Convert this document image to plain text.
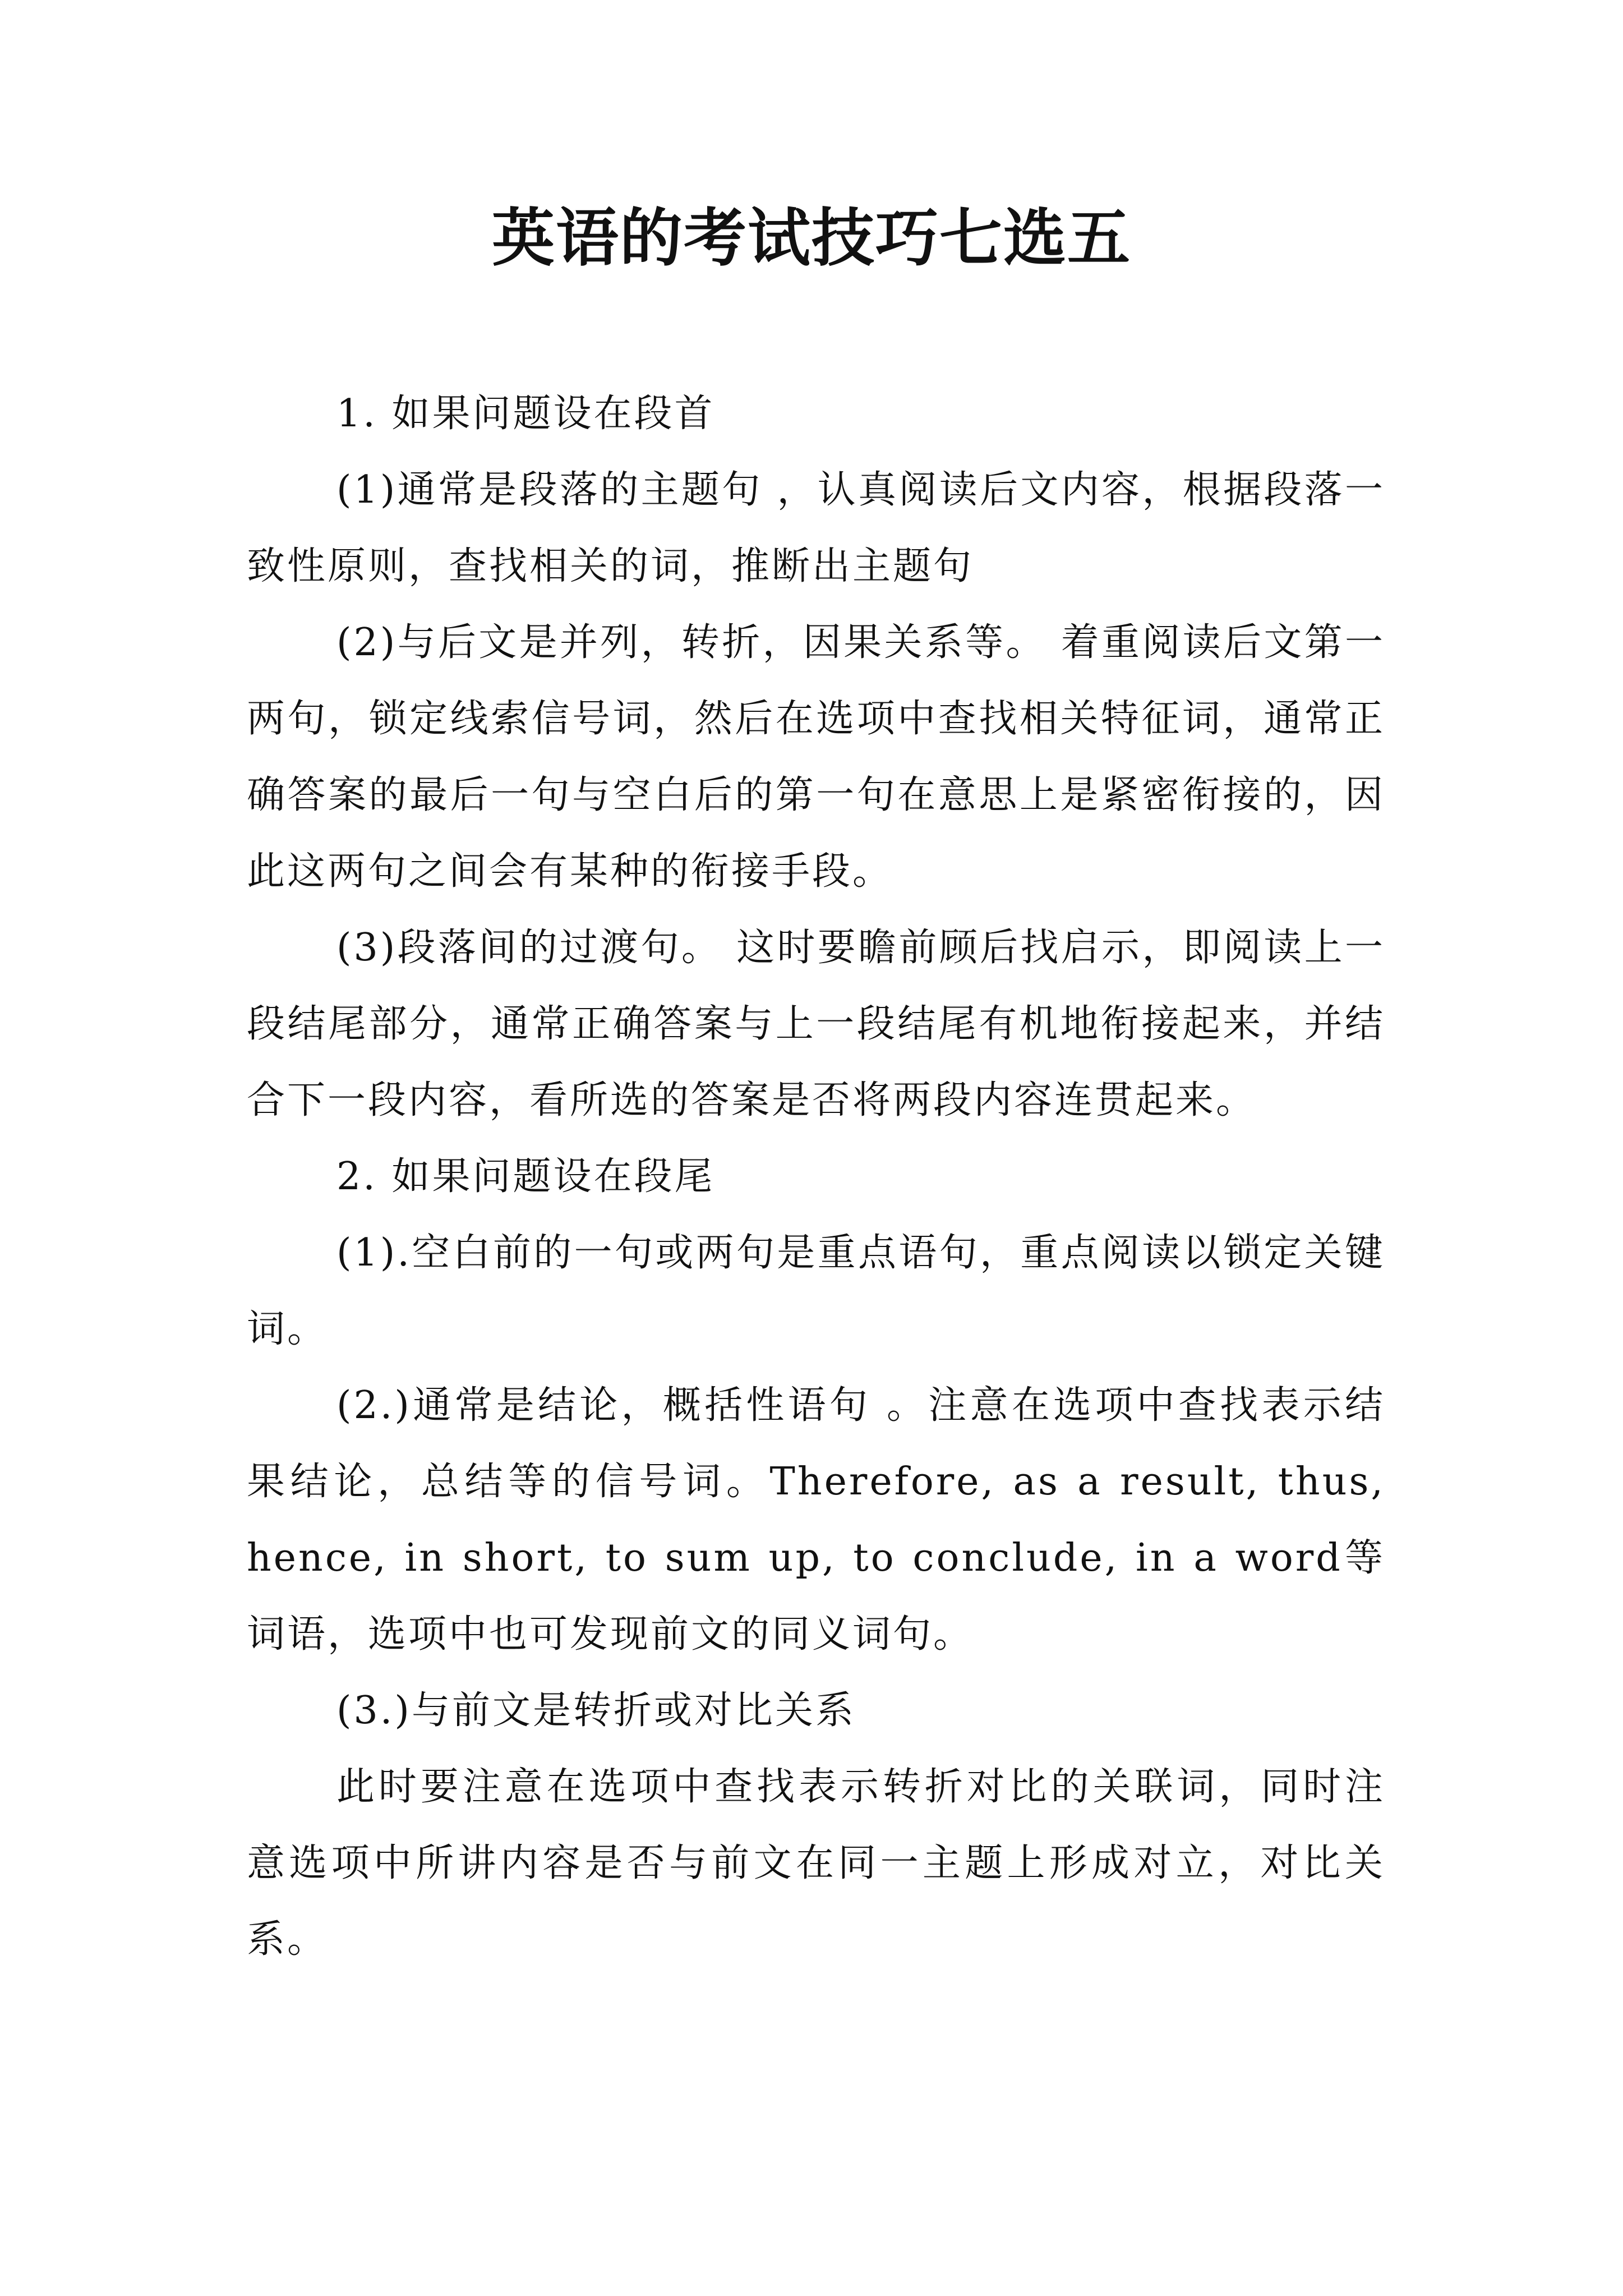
英语的考试技巧七选五

1. 如果问题设在段首

(1)通常是段落的主题句 ，认真阅读后文内容，根据段落一致性原则，查找相关的词，推断出主题句

(2)与后文是并列，转折，因果关系等。 着重阅读后文第一两句，锁定线索信号词，然后在选项中查找相关特征词，通常正确答案的最后一句与空白后的第一句在意思上是紧密衔接的，因此这两句之间会有某种的衔接手段。

(3)段落间的过渡句。 这时要瞻前顾后找启示，即阅读上一段结尾部分，通常正确答案与上一段结尾有机地衔接起来，并结合下一段内容，看所选的答案是否将两段内容连贯起来。

2. 如果问题设在段尾

(1).空白前的一句或两句是重点语句，重点阅读以锁定关键词。

(2.)通常是结论，概括性语句 。注意在选项中查找表示结果结论，总结等的信号词。Therefore, as a result, thus, hence, in short, to sum up, to conclude, in a word等词语，选项中也可发现前文的同义词句。

(3.)与前文是转折或对比关系

此时要注意在选项中查找表示转折对比的关联词，同时注意选项中所讲内容是否与前文在同一主题上形成对立，对比关系。
